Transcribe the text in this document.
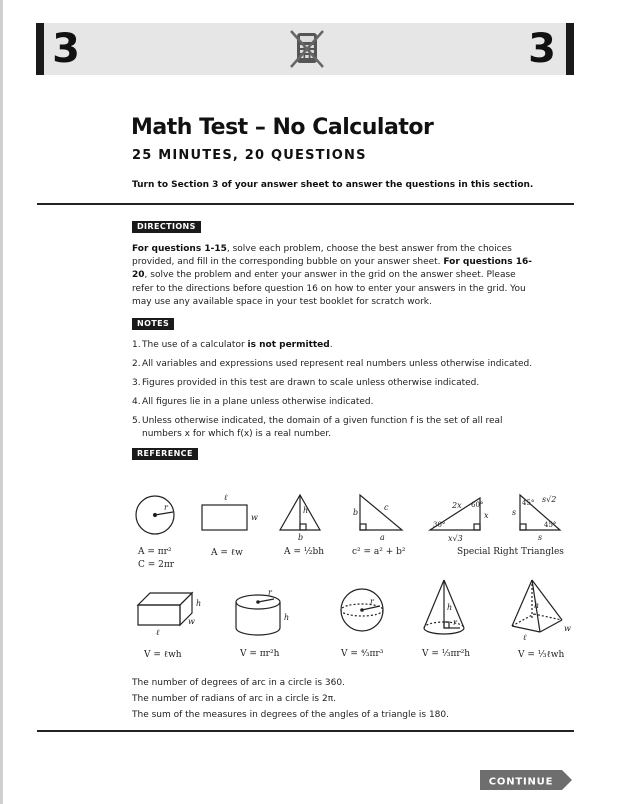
3	3
Math Test – No Calculator
25 MINUTES, 20 QUESTIONS
Turn to Section 3 of your answer sheet to answer the questions in this section.
DIRECTIONS
For questions 1-15, solve each problem, choose the best answer from the choices provided, and fill in the corresponding bubble on your answer sheet. For questions 16-20, solve the problem and enter your answer in the grid on the answer sheet. Please refer to the directions before question 16 on how to enter your answers in the grid. You may use any available space in your test booklet for scratch work.
NOTES
1. The use of a calculator is not permitted.
2. All variables and expressions used represent real numbers unless otherwise indicated.
3. Figures provided in this test are drawn to scale unless otherwise indicated.
4. All figures lie in a plane unless otherwise indicated.
5. Unless otherwise indicated, the domain of a given function f is the set of all real numbers x for which f(x) is a real number.
REFERENCE
r
ℓ
w
h
b
b
a
c	2x 60°
x
30°
x√3
45° s√2
s
45°
s
h
w
ℓ
r
h
r
h
r
h
ℓ
w
A = πr²
C = 2πr
A = ℓw	A = ½bh	c² = a² + b²	Special Right Triangles
V = ℓwh	V = πr²h	V = ⁴⁄₃πr³	V = ⅓πr²h	V = ⅓ℓwh
The number of degrees of arc in a circle is 360.
The number of radians of arc in a circle is 2π.
The sum of the measures in degrees of the angles of a triangle is 180.
CONTINUE
